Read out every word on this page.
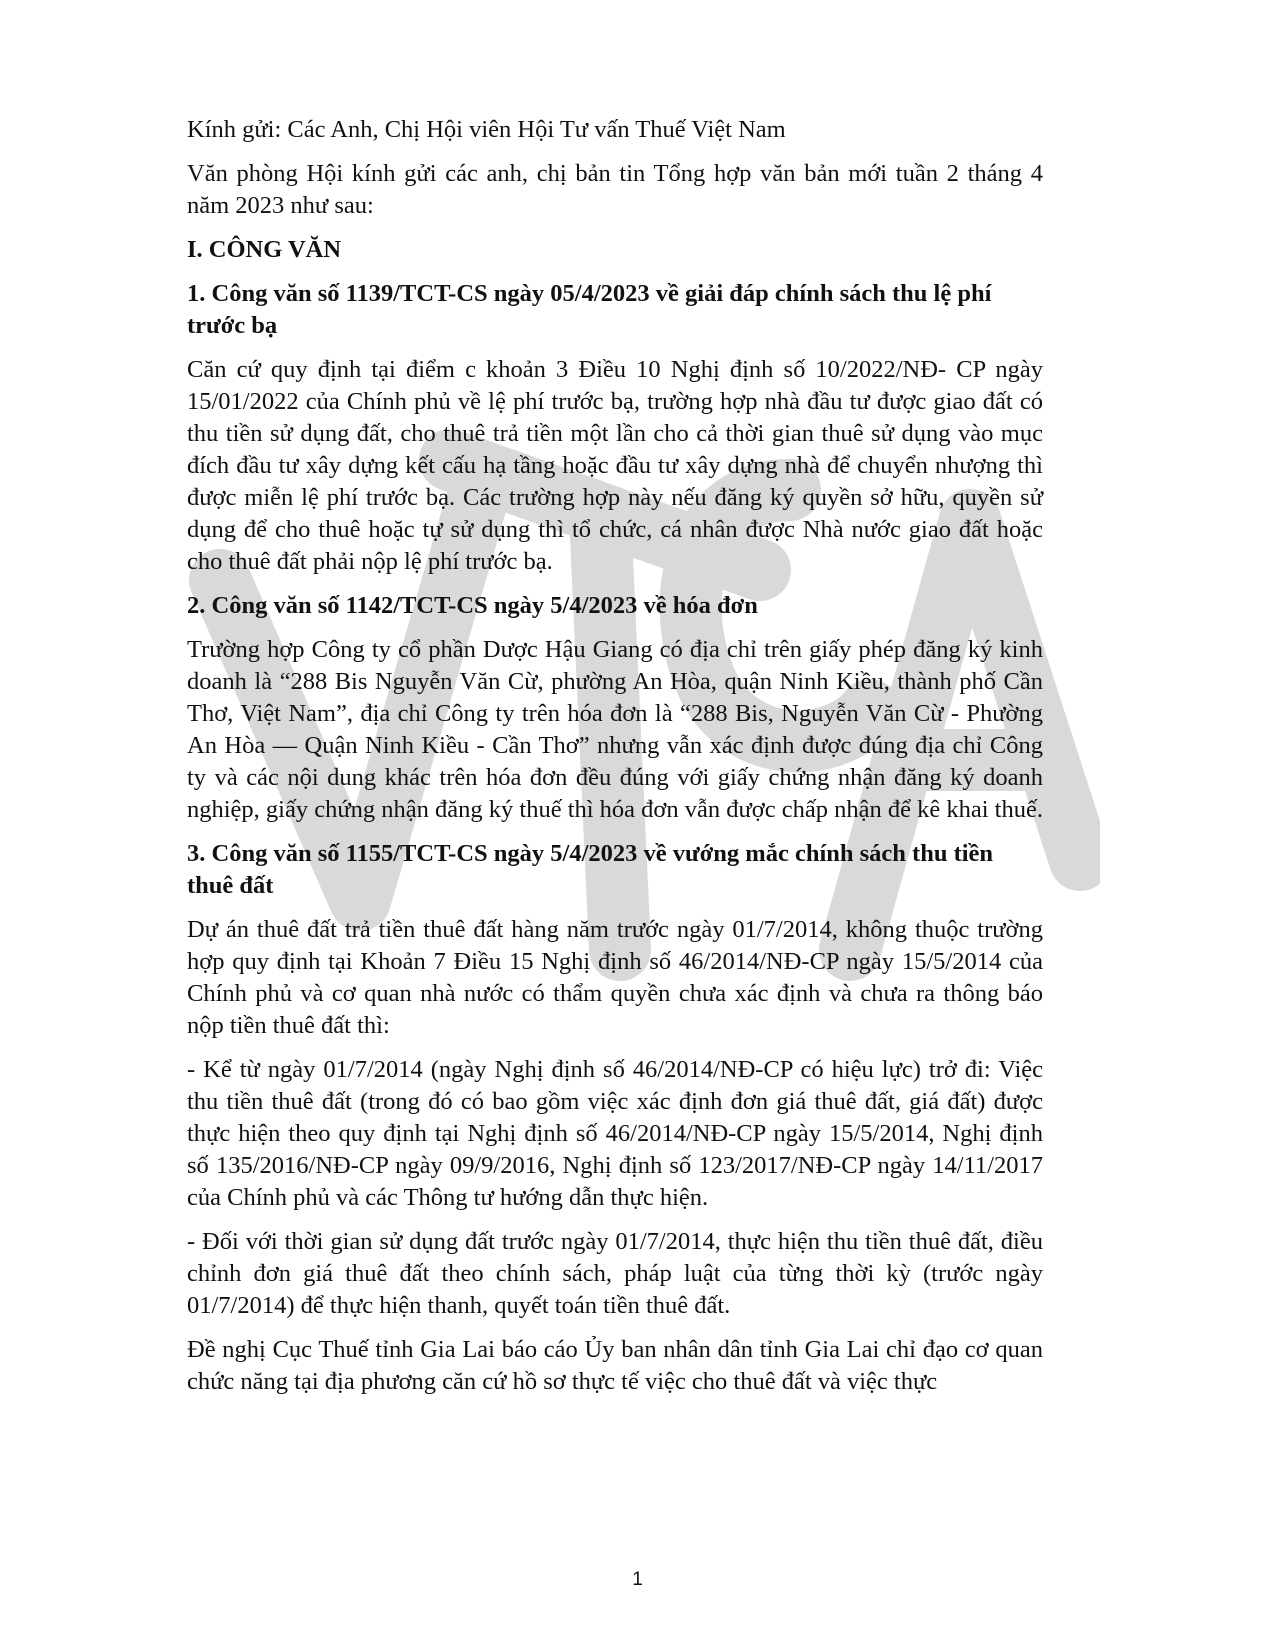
Kính gửi: Các Anh, Chị Hội viên Hội Tư vấn Thuế Việt Nam

Văn phòng Hội kính gửi các anh, chị bản tin Tổng hợp văn bản mới tuần 2 tháng 4 năm 2023 như sau:

I. CÔNG VĂN

1. Công văn số 1139/TCT-CS ngày 05/4/2023 về giải đáp chính sách thu lệ phí trước bạ

Căn cứ quy định tại điểm c khoản 3 Điều 10 Nghị định số 10/2022/NĐ- CP ngày 15/01/2022 của Chính phủ về lệ phí trước bạ, trường hợp nhà đầu tư được giao đất có thu tiền sử dụng đất, cho thuê trả tiền một lần cho cả thời gian thuê sử dụng vào mục đích đầu tư xây dựng kết cấu hạ tầng hoặc đầu tư xây dựng nhà để chuyển nhượng thì được miễn lệ phí trước bạ. Các trường hợp này nếu đăng ký quyền sở hữu, quyền sử dụng để cho thuê hoặc tự sử dụng thì tổ chức, cá nhân được Nhà nước giao đất hoặc cho thuê đất phải nộp lệ phí trước bạ.

2. Công văn số 1142/TCT-CS ngày 5/4/2023 về hóa đơn

Trường hợp Công ty cổ phần Dược Hậu Giang có địa chỉ trên giấy phép đăng ký kinh doanh là “288 Bis Nguyễn Văn Cừ, phường An Hòa, quận Ninh Kiều, thành phố Cần Thơ, Việt Nam”, địa chỉ Công ty trên hóa đơn là “288 Bis, Nguyễn Văn Cừ - Phường An Hòa — Quận Ninh Kiều - Cần Thơ” nhưng vẫn xác định được đúng địa chỉ Công ty và các nội dung khác trên hóa đơn đều đúng với giấy chứng nhận đăng ký doanh nghiệp, giấy chứng nhận đăng ký thuế thì hóa đơn vẫn được chấp nhận để kê khai thuế.

3. Công văn số 1155/TCT-CS ngày 5/4/2023 về vướng mắc chính sách thu tiền thuê đất

Dự án thuê đất trả tiền thuê đất hàng năm trước ngày 01/7/2014, không thuộc trường hợp quy định tại Khoản 7 Điều 15 Nghị định số 46/2014/NĐ-CP ngày 15/5/2014 của Chính phủ và cơ quan nhà nước có thẩm quyền chưa xác định và chưa ra thông báo nộp tiền thuê đất thì:

- Kể từ ngày 01/7/2014 (ngày Nghị định số 46/2014/NĐ-CP có hiệu lực) trở đi: Việc thu tiền thuê đất (trong đó có bao gồm việc xác định đơn giá thuê đất, giá đất) được thực hiện theo quy định tại Nghị định số 46/2014/NĐ-CP ngày 15/5/2014, Nghị định số 135/2016/NĐ-CP ngày 09/9/2016, Nghị định số 123/2017/NĐ-CP ngày 14/11/2017 của Chính phủ và các Thông tư hướng dẫn thực hiện.

- Đối với thời gian sử dụng đất trước ngày 01/7/2014, thực hiện thu tiền thuê đất, điều chỉnh đơn giá thuê đất theo chính sách, pháp luật của từng thời kỳ (trước ngày 01/7/2014) để thực hiện thanh, quyết toán tiền thuê đất.

Đề nghị Cục Thuế tỉnh Gia Lai báo cáo Ủy ban nhân dân tỉnh Gia Lai chỉ đạo cơ quan chức năng tại địa phương căn cứ hồ sơ thực tế việc cho thuê đất và việc thực

1
